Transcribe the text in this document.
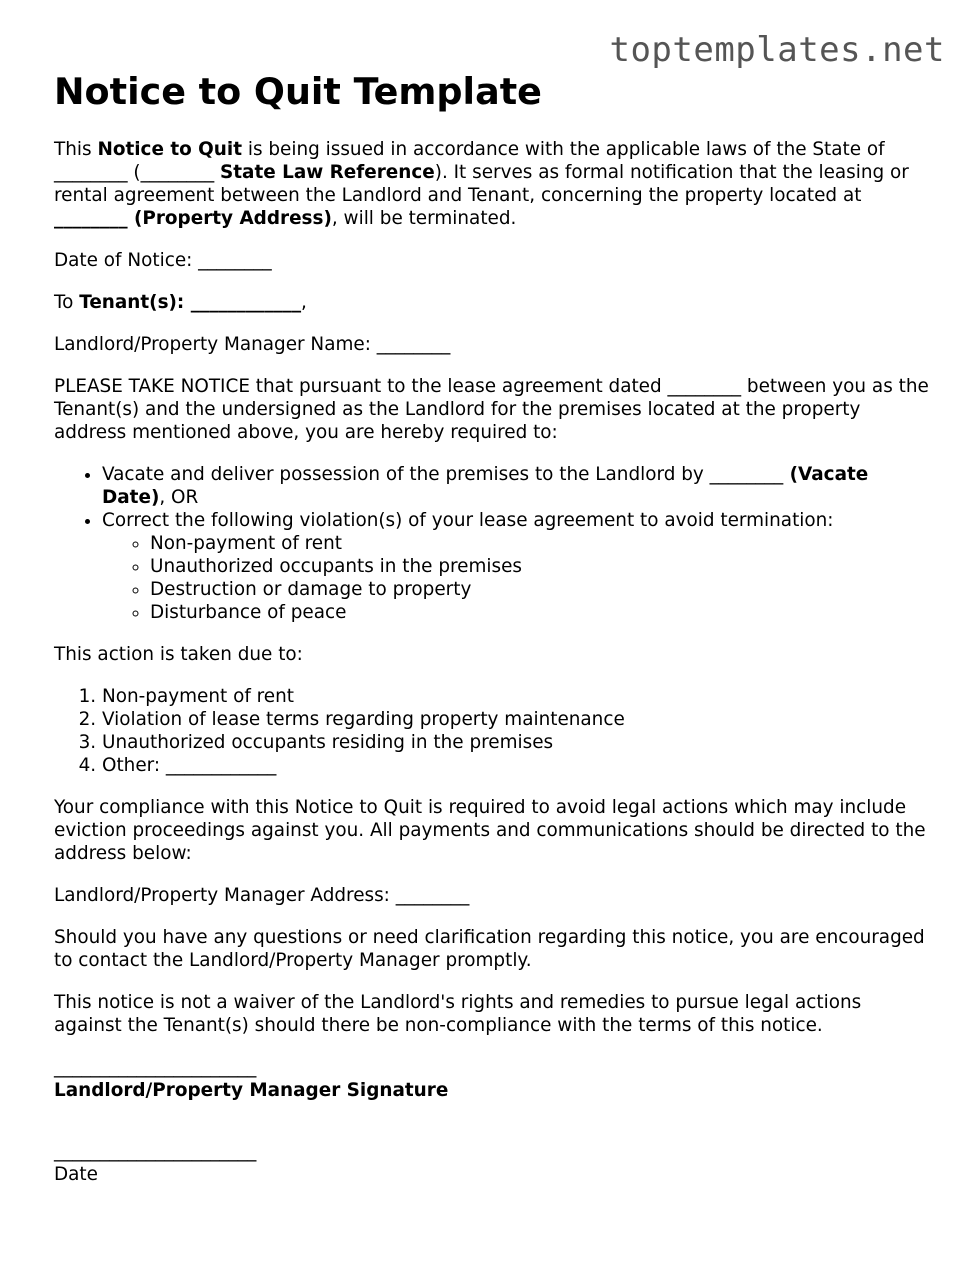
toptemplates.net
Notice to Quit Template

This Notice to Quit is being issued in accordance with the applicable laws of the State of ________ (________ State Law Reference). It serves as formal notification that the leasing or rental agreement between the Landlord and Tenant, concerning the property located at ________ (Property Address), will be terminated.

Date of Notice: ________

To Tenant(s): ____________,

Landlord/Property Manager Name: ________

PLEASE TAKE NOTICE that pursuant to the lease agreement dated ________ between you as the Tenant(s) and the undersigned as the Landlord for the premises located at the property address mentioned above, you are hereby required to:

• Vacate and deliver possession of the premises to the Landlord by ________ (Vacate Date), OR
• Correct the following violation(s) of your lease agreement to avoid termination:
◦ Non-payment of rent
◦ Unauthorized occupants in the premises
◦ Destruction or damage to property
◦ Disturbance of peace

This action is taken due to:

1. Non-payment of rent
2. Violation of lease terms regarding property maintenance
3. Unauthorized occupants residing in the premises
4. Other: ____________

Your compliance with this Notice to Quit is required to avoid legal actions which may include eviction proceedings against you. All payments and communications should be directed to the address below:

Landlord/Property Manager Address: ________

Should you have any questions or need clarification regarding this notice, you are encouraged to contact the Landlord/Property Manager promptly.

This notice is not a waiver of the Landlord's rights and remedies to pursue legal actions against the Tenant(s) should there be non-compliance with the terms of this notice.

______________________
Landlord/Property Manager Signature
______________________
Date
